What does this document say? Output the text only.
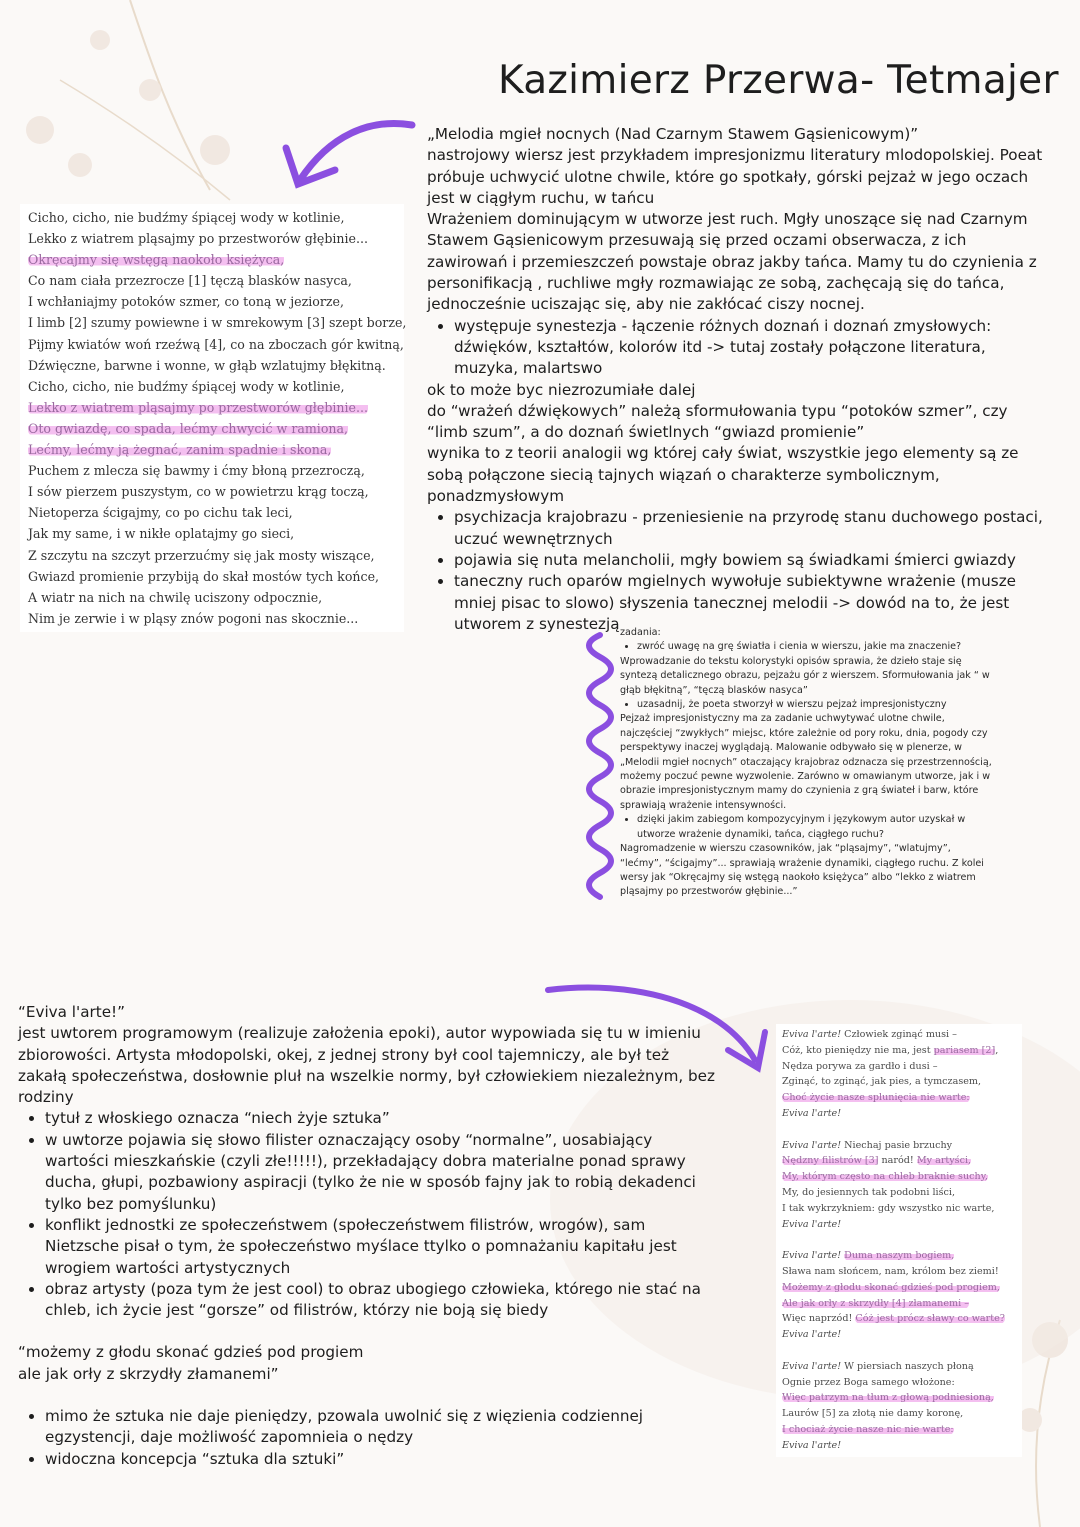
Kazimierz Przerwa- Tetmajer
Cicho, cicho, nie budźmy śpiącej wody w kotlinie,
Lekko z wiatrem pląsajmy po przestworów głębinie...
Okręcajmy się wstęgą naokoło księżyca,
Co nam ciała przezrocze [1] tęczą blasków nasyca,
I wchłaniajmy potoków szmer, co toną w jeziorze,
I limb [2] szumy powiewne i w smrekowym [3] szept borze,
Pijmy kwiatów woń rzeźwą [4], co na zboczach gór kwitną,
Dźwięczne, barwne i wonne, w głąb wzlatujmy błękitną.
Cicho, cicho, nie budźmy śpiącej wody w kotlinie,
Lekko z wiatrem pląsajmy po przestworów głębinie...
Oto gwiazdę, co spada, lećmy chwycić w ramiona,
Lećmy, lećmy ją żegnać, zanim spadnie i skona,
Puchem z mlecza się bawmy i ćmy błoną przezroczą,
I sów pierzem puszystym, co w powietrzu krąg toczą,
Nietoperza ścigajmy, co po cichu tak leci,
Jak my same, i w nikłe oplatajmy go sieci,
Z szczytu na szczyt przerzućmy się jak mosty wiszące,
Gwiazd promienie przybiją do skał mostów tych końce,
A wiatr na nich na chwilę uciszony odpocznie,
Nim je zerwie i w pląsy znów pogoni nas skocznie...

„Melodia mgieł nocnych (Nad Czarnym Stawem Gąsienicowym)”

nastrojowy wiersz jest przykładem impresjonizmu literatury mlodopolskiej. Poeat próbuje uchwycić ulotne chwile, które go spotkały, górski pejzaż w jego oczach jest w ciągłym ruchu, w tańcu

Wrażeniem dominującym w utworze jest ruch. Mgły unoszące się nad Czarnym Stawem Gąsienicowym przesuwają się przed oczami obserwacza, z ich zawirowań i przemieszczeń powstaje obraz jakby tańca. Mamy tu do czynienia z personifikacją , ruchliwe mgły rozmawiając ze sobą, zachęcają się do tańca, jednocześnie uciszając się, aby nie zakłócać ciszy nocnej.

• występuje synestezja - łączenie różnych doznań i doznań zmysłowych: dźwięków, kształtów, kolorów itd -> tutaj zostały połączone literatura, muzyka, malartswo

ok to może byc niezrozumiałe dalej

do “wrażeń dźwiękowych” należą sformułowania typu “potoków szmer”, czy “limb szum”, a do doznań świetlnych “gwiazd promienie”

wynika to z teorii analogii wg której cały świat, wszystkie jego elementy są ze sobą połączone siecią tajnych wiązań o charakterze symbolicznym, ponadzmysłowym

• psychizacja krajobrazu - przeniesienie na przyrodę stanu duchowego postaci, uczuć wewnętrznych
• pojawia się nuta melancholii, mgły bowiem są świadkami śmierci gwiazdy
• taneczny ruch oparów mgielnych wywołuje subiektywne wrażenie (musze mniej pisac to slowo) słyszenia tanecznej melodii -> dowód na to, że jest utworem z synestezją zadania:

• zwróć uwagę na grę światła i cienia w wierszu, jakie ma znaczenie?

Wprowadzanie do tekstu kolorystyki opisów sprawia, że dzieło staje się syntezą detalicznego obrazu, pejzażu gór z wierszem. Sformułowania jak “ w głąb błękitną”, “tęczą blasków nasyca”

• uzasadnij, że poeta stworzył w wierszu pejzaż impresjonistyczny

Pejzaż impresjonistyczny ma za zadanie uchwytywać ulotne chwile, najczęściej “zwykłych” miejsc, które zależnie od pory roku, dnia, pogody czy perspektywy inaczej wyglądają. Malowanie odbywało się w plenerze, w „Melodii mgieł nocnych” otaczający krajobraz odznacza się przestrzennością, możemy poczuć pewne wyzwolenie. Zarówno w omawianym utworze, jak i w obrazie impresjonistycznym mamy do czynienia z grą świateł i barw, które sprawiają wrażenie intensywności.

• dzięki jakim zabiegom kompozycyjnym i językowym autor uzyskał w utworze wrażenie dynamiki, tańca, ciągłego ruchu?

Nagromadzenie w wierszu czasowników, jak “pląsajmy”, “wlatujmy”, “lećmy”, “ścigajmy”... sprawiają wrażenie dynamiki, ciągłego ruchu. Z kolei wersy jak “Okręcajmy się wstęgą naokoło księżyca” albo “lekko z wiatrem pląsajmy po przestworów głębinie...”

“Eviva l'arte!”

jest uwtorem programowym (realizuje założenia epoki), autor wypowiada się tu w imieniu zbiorowości. Artysta młodopolski, okej, z jednej strony był cool tajemniczy, ale był też zakałą społeczeństwa, dosłownie pluł na wszelkie normy, był człowiekiem niezależnym, bez rodziny

• tytuł z włoskiego oznacza “niech żyje sztuka”
• w uwtorze pojawia się słowo filister oznaczający osoby “normalne”, uosabiający wartości mieszkańskie (czyli złe!!!!!), przekładający dobra materialne ponad sprawy ducha, głupi, pozbawiony aspiracji (tylko że nie w sposób fajny jak to robią dekadenci tylko bez pomyślunku)
• konflikt jednostki ze społeczeństwem (społeczeństwem filistrów, wrogów), sam Nietzsche pisał o tym, że społeczeństwo myślace ttylko o pomnażaniu kapitału jest wrogiem wartości artystycznych
• obraz artysty (poza tym że jest cool) to obraz ubogiego człowieka, którego nie stać na chleb, ich życie jest “gorsze” od filistrów, którzy nie boją się biedy

“możemy z głodu skonać gdzieś pod progiem

ale jak orły z skrzydły złamanemi”

• mimo że sztuka nie daje pieniędzy, pzowala uwolnić się z więzienia codziennej egzystencji, daje możliwość zapomnieia o nędzy
• widoczna koncepcja “sztuka dla sztuki”
Eviva l'arte! Człowiek zginąć musi –
Cóż, kto pieniędzy nie ma, jest pariasem [2],
Nędza porywa za gardło i dusi –
Zginąć, to zginąć, jak pies, a tymczasem,
Choć życie nasze splunięcia nie warte:
Eviva l'arte!
Eviva l'arte! Niechaj pasie brzuchy
Nędzny filistrów [3] naród! My artyści,
My, którym często na chleb braknie suchy,
My, do jesiennych tak podobni liści,
I tak wykrzykniem: gdy wszystko nic warte,
Eviva l'arte!
Eviva l'arte! Duma naszym bogiem,
Sława nam słońcem, nam, królom bez ziemi!
Możemy z głodu skonać gdzieś pod progiem,
Ale jak orły z skrzydły [4] złamanemi –
Więc naprzód! Cóż jest prócz sławy co warte?
Eviva l'arte!
Eviva l'arte! W piersiach naszych płoną
Ognie przez Boga samego włożone:
Więc patrzym na tłum z głową podniesioną,
Laurów [5] za złotą nie damy koronę,
I chociaż życie nasze nic nie warte:
Eviva l'arte!
